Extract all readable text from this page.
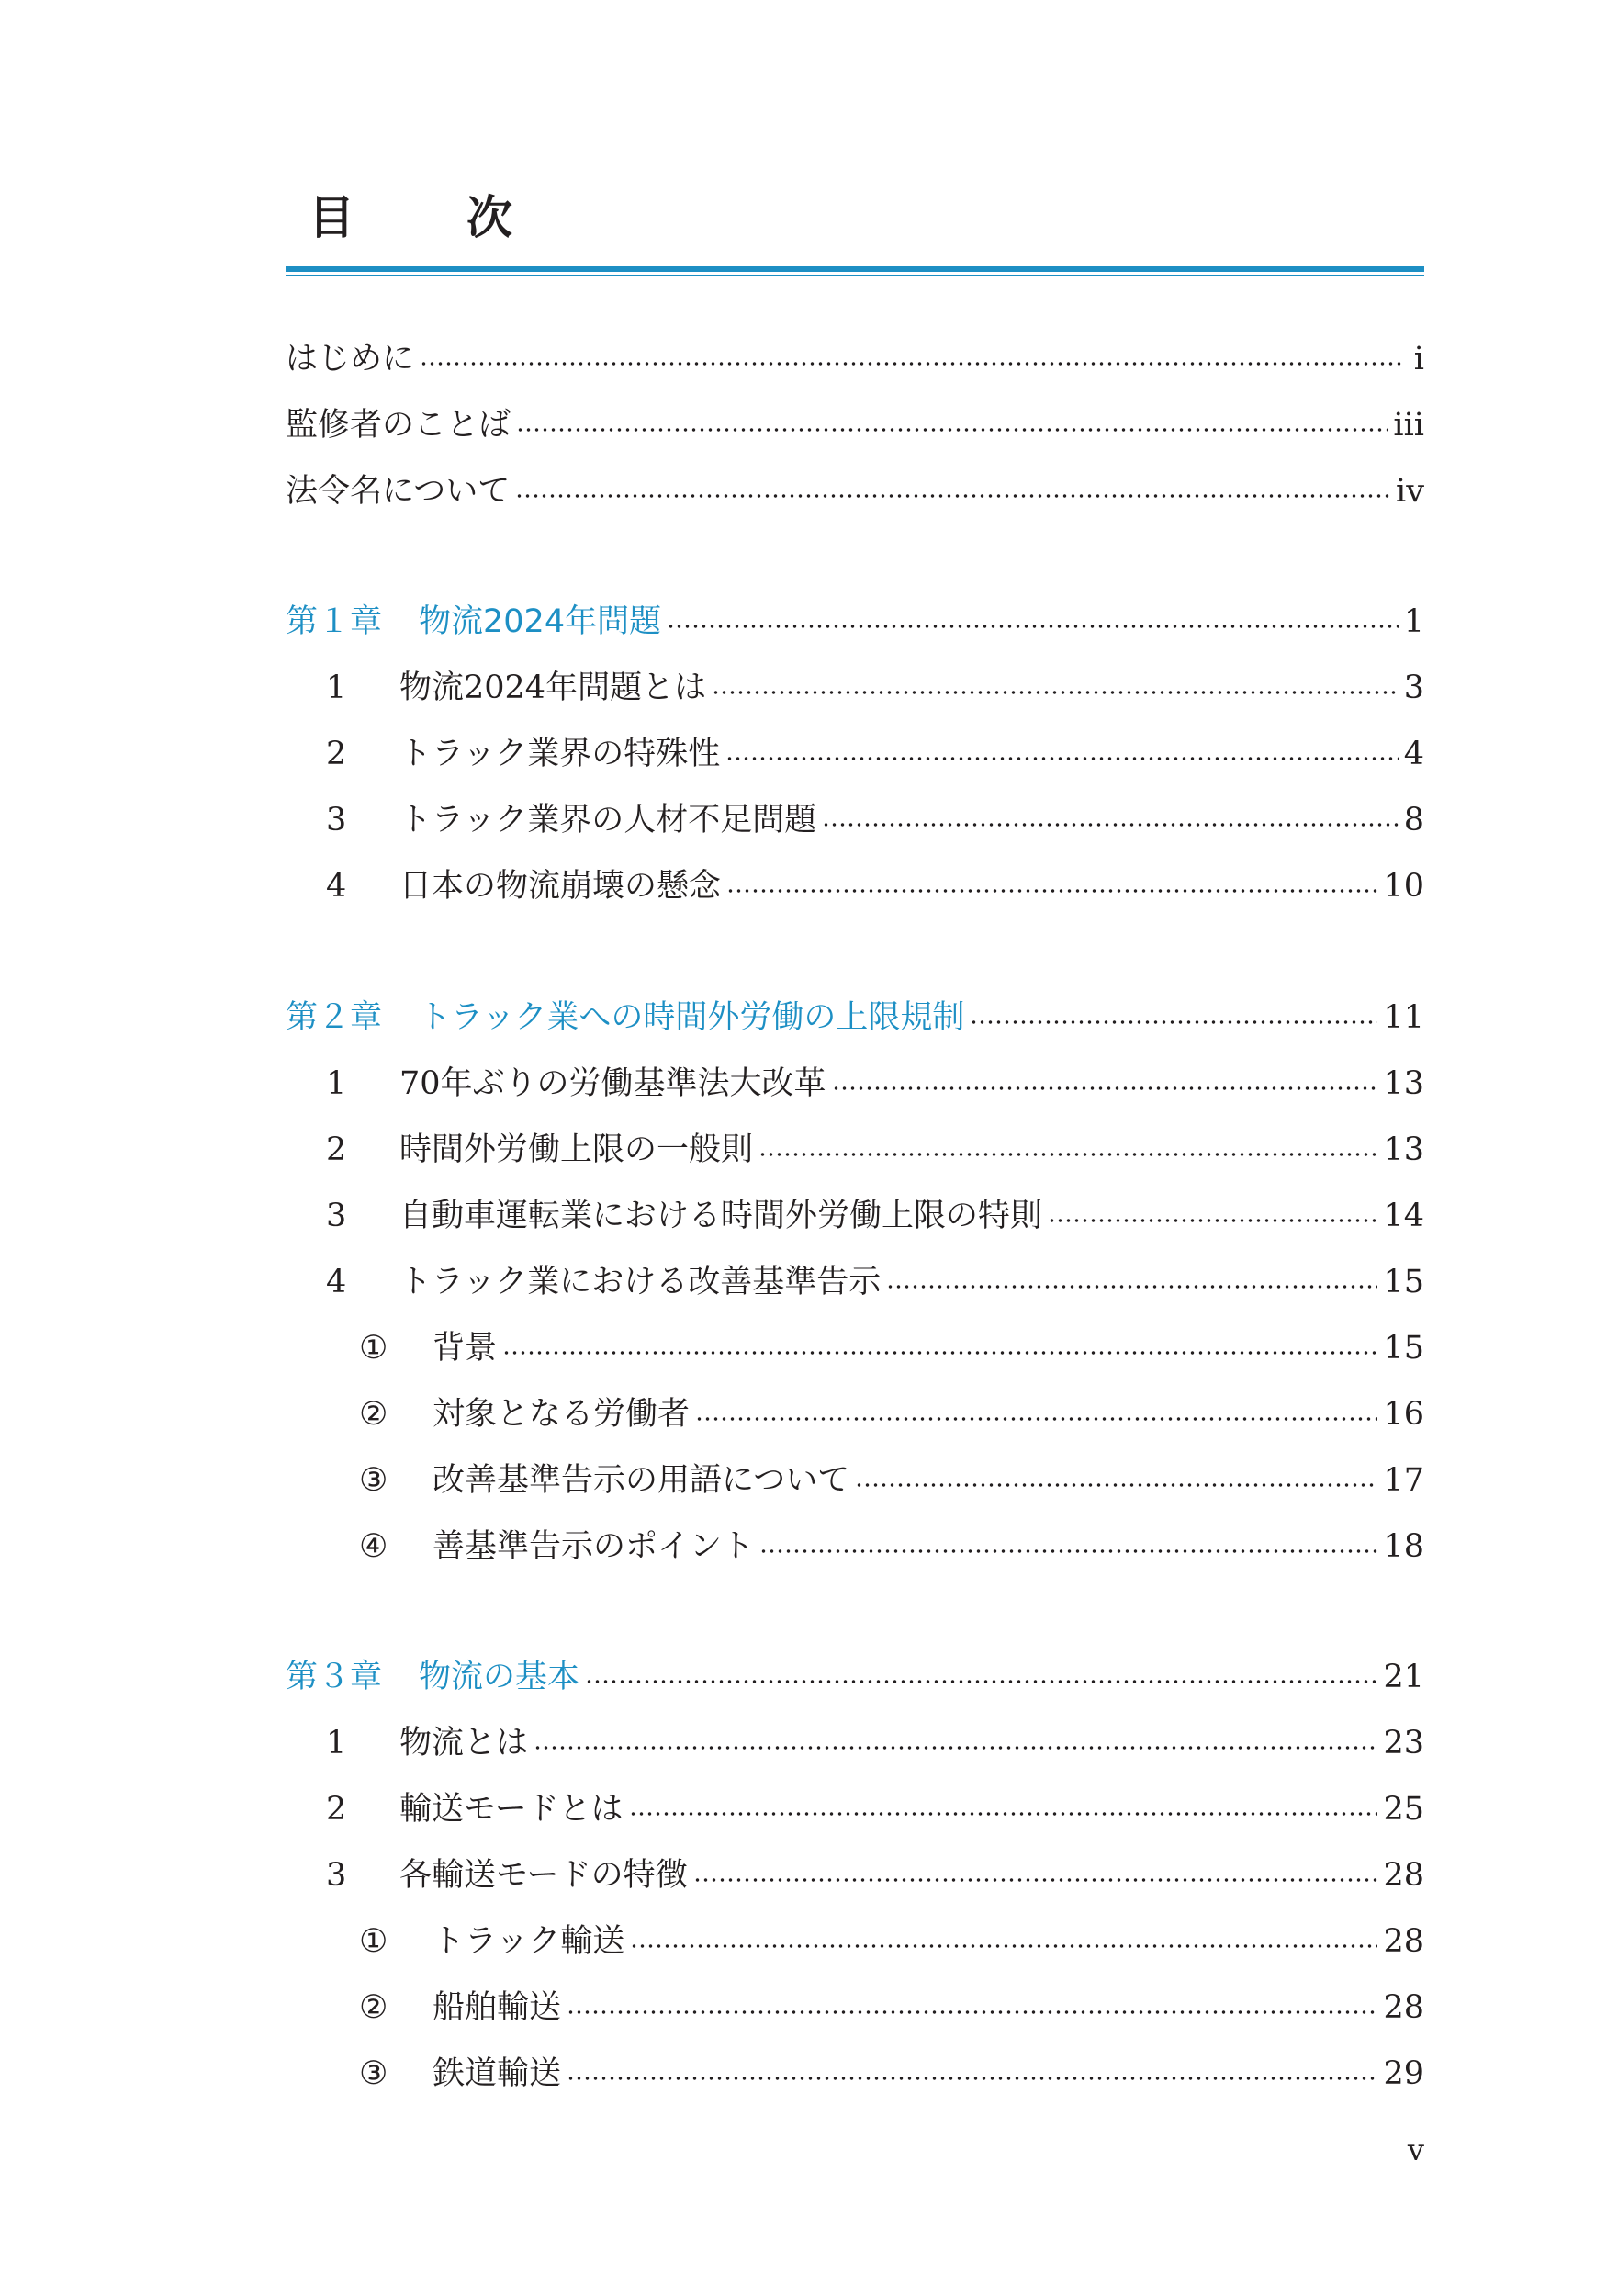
目　次
はじめに	i
監修者のことば	iii
法令名について	iv
第１章 物流2024年問題	1
1 物流2024年問題とは	3
2 トラック業界の特殊性	4
3 トラック業界の人材不足問題	8
4 日本の物流崩壊の懸念	10
第２章 トラック業への時間外労働の上限規制	11
1 70年ぶりの労働基準法大改革	13
2 時間外労働上限の一般則	13
3 自動車運転業における時間外労働上限の特則	14
4 トラック業における改善基準告示	15
① 背景	15
② 対象となる労働者	16
③ 改善基準告示の用語について	17
④ 善基準告示のポイント	18
第３章 物流の基本	21
1 物流とは	23
2 輸送モードとは	25
3 各輸送モードの特徴	28
① トラック輸送	28
② 船舶輸送	28
③ 鉄道輸送	29
v
